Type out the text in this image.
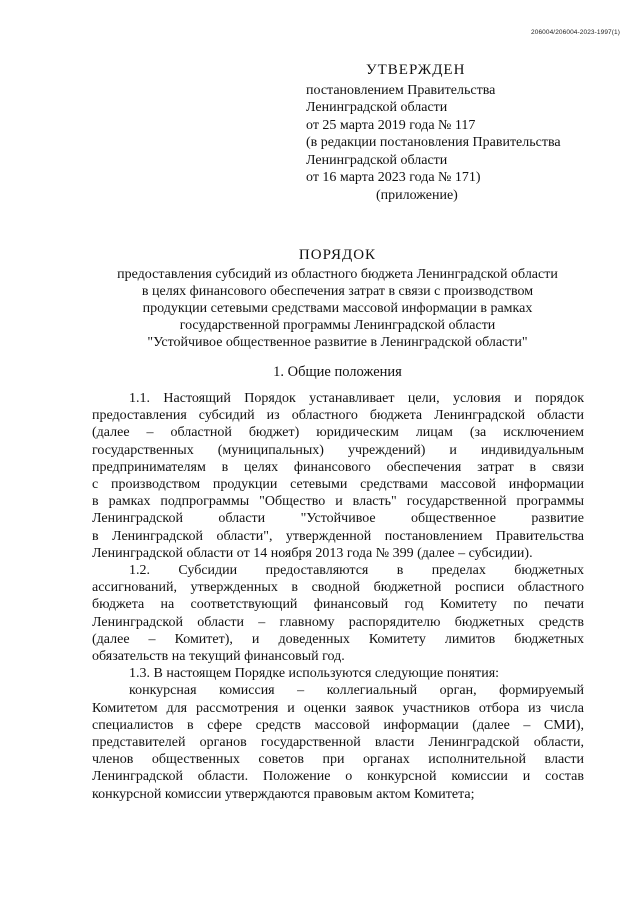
206004/206004-2023-1997(1)
УТВЕРЖДЕН
постановлением Правительства
Ленинградской области
от 25 марта 2019 года № 117
(в редакции постановления Правительства
Ленинградской области
от 16 марта 2023 года № 171)
(приложение)
ПОРЯДОК
предоставления субсидий из областного бюджета Ленинградской области
в целях финансового обеспечения затрат в связи с производством
продукции сетевыми средствами массовой информации в рамках
государственной программы Ленинградской области
"Устойчивое общественное развитие в Ленинградской области"
1. Общие положения
1.1. Настоящий Порядок устанавливает цели, условия и порядок
предоставления субсидий из областного бюджета Ленинградской области
(далее – областной бюджет) юридическим лицам (за исключением
государственных (муниципальных) учреждений) и индивидуальным
предпринимателям в целях финансового обеспечения затрат в связи
с производством продукции сетевыми средствами массовой информации
в рамках подпрограммы "Общество и власть" государственной программы
Ленинградской области "Устойчивое общественное развитие
в Ленинградской области", утвержденной постановлением Правительства
Ленинградской области от 14 ноября 2013 года № 399 (далее – субсидии).
1.2. Субсидии предоставляются в пределах бюджетных
ассигнований, утвержденных в сводной бюджетной росписи областного
бюджета на соответствующий финансовый год Комитету по печати
Ленинградской области – главному распорядителю бюджетных средств
(далее – Комитет), и доведенных Комитету лимитов бюджетных
обязательств на текущий финансовый год.
1.3. В настоящем Порядке используются следующие понятия:
конкурсная комиссия – коллегиальный орган, формируемый
Комитетом для рассмотрения и оценки заявок участников отбора из числа
специалистов в сфере средств массовой информации (далее – СМИ),
представителей органов государственной власти Ленинградской области,
членов общественных советов при органах исполнительной власти
Ленинградской области. Положение о конкурсной комиссии и состав
конкурсной комиссии утверждаются правовым актом Комитета;
